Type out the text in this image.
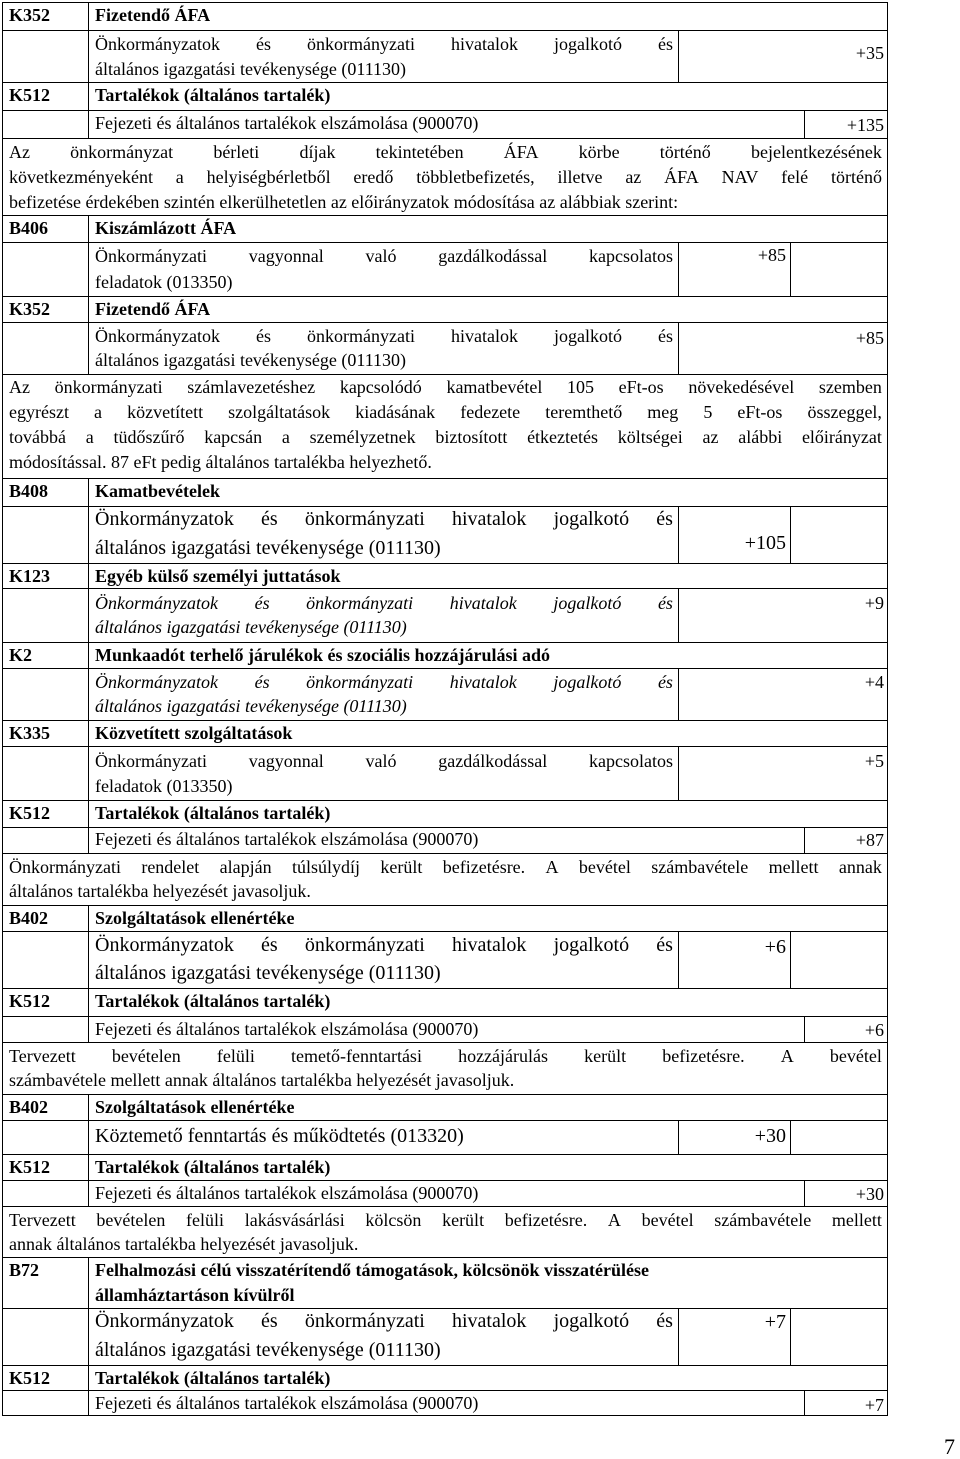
K352 Fizetendő ÁFA
Önkormányzatok és önkormányzati hivatalok jogalkotó és
általános igazgatási tevékenysége (011130)
+35
K512 Tartalékok (általános tartalék)
Fejezeti és általános tartalékok elszámolása (900070)	+135
Az önkormányzat bérleti díjak tekintetében ÁFA körbe történő bejelentkezésének
következményeként a helyiségbérletből eredő többletbefizetés, illetve az ÁFA NAV felé történő
befizetése érdekében szintén elkerülhetetlen az előirányzatok módosítása az alábbiak szerint:
B406	Kiszámlázott ÁFA
Önkormányzati vagyonnal való gazdálkodással kapcsolatos
feladatok (013350)
+85
K352 Fizetendő ÁFA
Önkormányzatok és önkormányzati hivatalok jogalkotó és
általános igazgatási tevékenysége (011130)
+85
Az önkormányzati számlavezetéshez kapcsolódó kamatbevétel 105 eFt-os növekedésével szemben
egyrészt a közvetített szolgáltatások kiadásának fedezete teremthető meg 5 eFt-os összeggel,
továbbá a tüdőszűrő kapcsán a személyzetnek biztosított étkeztetés költségei az alábbi előirányzat
módosítással. 87 eFt pedig általános tartalékba helyezhető.
B408	Kamatbevételek
Önkormányzatok és önkormányzati hivatalok jogalkotó és
általános igazgatási tevékenysége (011130)	+105
K123 Egyéb külső személyi juttatások
Önkormányzatok és önkormányzati hivatalok jogalkotó és
általános igazgatási tevékenysége (011130)
+9
K2	Munkaadót terhelő járulékok és szociális hozzájárulási adó
Önkormányzatok és önkormányzati hivatalok jogalkotó és
általános igazgatási tevékenysége (011130)
+4
K335 Közvetített szolgáltatások
Önkormányzati vagyonnal való gazdálkodással kapcsolatos
feladatok (013350)
+5
K512 Tartalékok (általános tartalék)
Fejezeti és általános tartalékok elszámolása (900070)	+87
Önkormányzati rendelet alapján túlsúlydíj került befizetésre. A bevétel számbavétele mellett annak
általános tartalékba helyezését javasoljuk.
B402	Szolgáltatások ellenértéke
Önkormányzatok és önkormányzati hivatalok jogalkotó és
általános igazgatási tevékenysége (011130)
+6
K512 Tartalékok (általános tartalék)
Fejezeti és általános tartalékok elszámolása (900070)	+6
Tervezett bevételen felüli temető-fenntartási hozzájárulás került befizetésre. A bevétel
számbavétele mellett annak általános tartalékba helyezését javasoljuk.
B402	Szolgáltatások ellenértéke
Köztemető fenntartás és működtetés (013320)	+30
K512 Tartalékok (általános tartalék)
Fejezeti és általános tartalékok elszámolása (900070)	+30
Tervezett bevételen felüli lakásvásárlási kölcsön került befizetésre. A bevétel számbavétele mellett
annak általános tartalékba helyezését javasoljuk.
B72	Felhalmozási célú visszatérítendő támogatások, kölcsönök visszatérülése
államháztartáson kívülről
Önkormányzatok és önkormányzati hivatalok jogalkotó és
általános igazgatási tevékenysége (011130)
+7
K512 Tartalékok (általános tartalék)
Fejezeti és általános tartalékok elszámolása (900070)	+7
7
